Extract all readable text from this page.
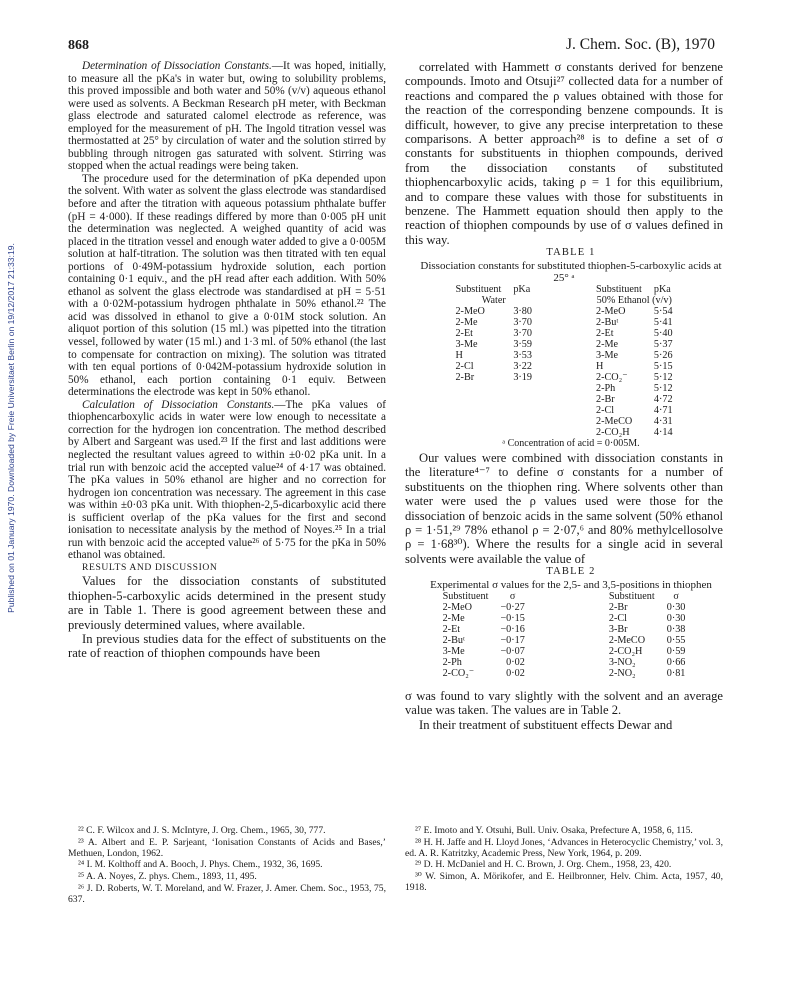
868	J. Chem. Soc. (B), 1970
Published on 01 January 1970. Downloaded by Freie Universitaet Berlin on 19/12/2017 21:33:19.

Determination of Dissociation Constants.—It was hoped, initially, to measure all the pKa's in water but, owing to solubility problems, this proved impossible and both water and 50% (v/v) aqueous ethanol were used as solvents. A Beckman Research pH meter, with Beckman glass electrode and saturated calomel electrode as reference, was employed for the measurement of pH. The Ingold titration vessel was thermostatted at 25° by circulation of water and the solution stirred by bubbling through nitrogen gas saturated with solvent. Stirring was stopped when the actual readings were being taken.

The procedure used for the determination of pKa depended upon the solvent. With water as solvent the glass electrode was standardised before and after the titration with aqueous potassium phthalate buffer (pH = 4·000). If these readings differed by more than 0·005 pH unit the determination was neglected. A weighed quantity of acid was placed in the titration vessel and enough water added to give a 0·005M solution at half-titration. The solution was then titrated with ten equal portions of 0·49M-potassium hydroxide solution, each portion containing 0·1 equiv., and the pH read after each addition. With 50% ethanol as solvent the glass electrode was standardised at pH = 5·51 with a 0·02M-potassium hydrogen phthalate in 50% ethanol.²² The acid was dissolved in ethanol to give a 0·01M stock solution. An aliquot portion of this solution (15 ml.) was pipetted into the titration vessel, followed by water (15 ml.) and 1·3 ml. of 50% ethanol (the last to compensate for contraction on mixing). The solution was titrated with ten equal portions of 0·042M-potassium hydroxide solution in 50% ethanol, each portion containing 0·1 equiv. Between determinations the electrode was kept in 50% ethanol.

Calculation of Dissociation Constants.—The pKa values of thiophencarboxylic acids in water were low enough to necessitate a correction for the hydrogen ion concentration. The method described by Albert and Sargeant was used.²³ If the first and last additions were neglected the resultant values agreed to within ±0·02 pKa unit. In a trial run with benzoic acid the accepted value²⁴ of 4·17 was obtained. The pKa values in 50% ethanol are higher and no correction for hydrogen ion concentration was necessary. The agreement in this case was within ±0·03 pKa unit. With thiophen-2,5-dicarboxylic acid there is sufficient overlap of the pKa values for the first and second ionisation to necessitate analysis by the method of Noyes.²⁵ In a trial run with benzoic acid the accepted value²⁶ of 5·75 for the pKa in 50% ethanol was obtained.

RESULTS AND DISCUSSION

Values for the dissociation constants of substituted thiophen-5-carboxylic acids determined in the present study are in Table 1. There is good agreement between these and previously determined values, where available.

In previous studies data for the effect of substituents on the rate of reaction of thiophen compounds have been

correlated with Hammett σ constants derived for benzene compounds. Imoto and Otsuji²⁷ collected data for a number of reactions and compared the ρ values obtained with those for the reaction of the corresponding benzene compounds. It is difficult, however, to give any precise interpretation to these comparisons. A better approach²⁸ is to define a set of σ constants for substituents in thiophen compounds, derived from the dissociation constants of substituted thiophencarboxylic acids, taking ρ = 1 for this equilibrium, and to compare these values with those for substituents in benzene. The Hammett equation should then apply to the reaction of thiophen compounds by use of σ values defined in this way.

TABLE 1

Dissociation constants for substituted thiophen-5-carboxylic acids at 25° ᵃ

Substituent	pKa		Substituent	pKa
Water			50% Ethanol (v/v)	
2-MeO	3·80		2-MeO	5·54
2-Me	3·70		2-Buᵗ	5·41
2-Et	3·70		2-Et	5·40
3-Me	3·59		2-Me	5·37
H	3·53		3-Me	5·26
2-Cl	3·22		H	5·15
2-Br	3·19		2-CO₂⁻	5·12
			2-Ph	5·12
			2-Br	4·72
			2-Cl	4·71
			2-MeCO	4·31
			2-CO₂H	4·14

ᵃ Concentration of acid = 0·005M.

Our values were combined with dissociation constants in the literature⁴⁻⁷ to define σ constants for a number of substituents on the thiophen ring. Where solvents other than water were used the ρ values used were those for the dissociation of benzoic acids in the same solvent (50% ethanol ρ = 1·51,²⁹ 78% ethanol ρ = 2·07,⁶ and 80% methylcellosolve ρ = 1·68³⁰). Where the results for a single acid in several solvents were available the value of

TABLE 2

Experimental σ values for the 2,5- and 3,5-positions in thiophen

Substituent	σ		Substituent	σ
2-MeO	−0·27		2-Br	0·30
2-Me	−0·15		2-Cl	0·30
2-Et	−0·16		3-Br	0·38
2-Buᵗ	−0·17		2-MeCO	0·55
3-Me	−0·07		2-CO₂H	0·59
2-Ph	0·02		3-NO₂	0·66
2-CO₂⁻	0·02		2-NO₂	0·81

σ was found to vary slightly with the solvent and an average value was taken. The values are in Table 2.

In their treatment of substituent effects Dewar and

²² C. F. Wilcox and J. S. McIntyre, J. Org. Chem., 1965, 30, 777.

²³ A. Albert and E. P. Sarjeant, ‘Ionisation Constants of Acids and Bases,’ Methuen, London, 1962.

²⁴ I. M. Kolthoff and A. Booch, J. Phys. Chem., 1932, 36, 1695.

²⁵ A. A. Noyes, Z. phys. Chem., 1893, 11, 495.

²⁶ J. D. Roberts, W. T. Moreland, and W. Frazer, J. Amer. Chem. Soc., 1953, 75, 637.

²⁷ E. Imoto and Y. Otsuhi, Bull. Univ. Osaka, Prefecture A, 1958, 6, 115.

²⁸ H. H. Jaffe and H. Lloyd Jones, ‘Advances in Heterocyclic Chemistry,’ vol. 3, ed. A. R. Katritzky, Academic Press, New York, 1964, p. 209.

²⁹ D. H. McDaniel and H. C. Brown, J. Org. Chem., 1958, 23, 420.

³⁰ W. Simon, A. Mörikofer, and E. Heilbronner, Helv. Chim. Acta, 1957, 40, 1918.
